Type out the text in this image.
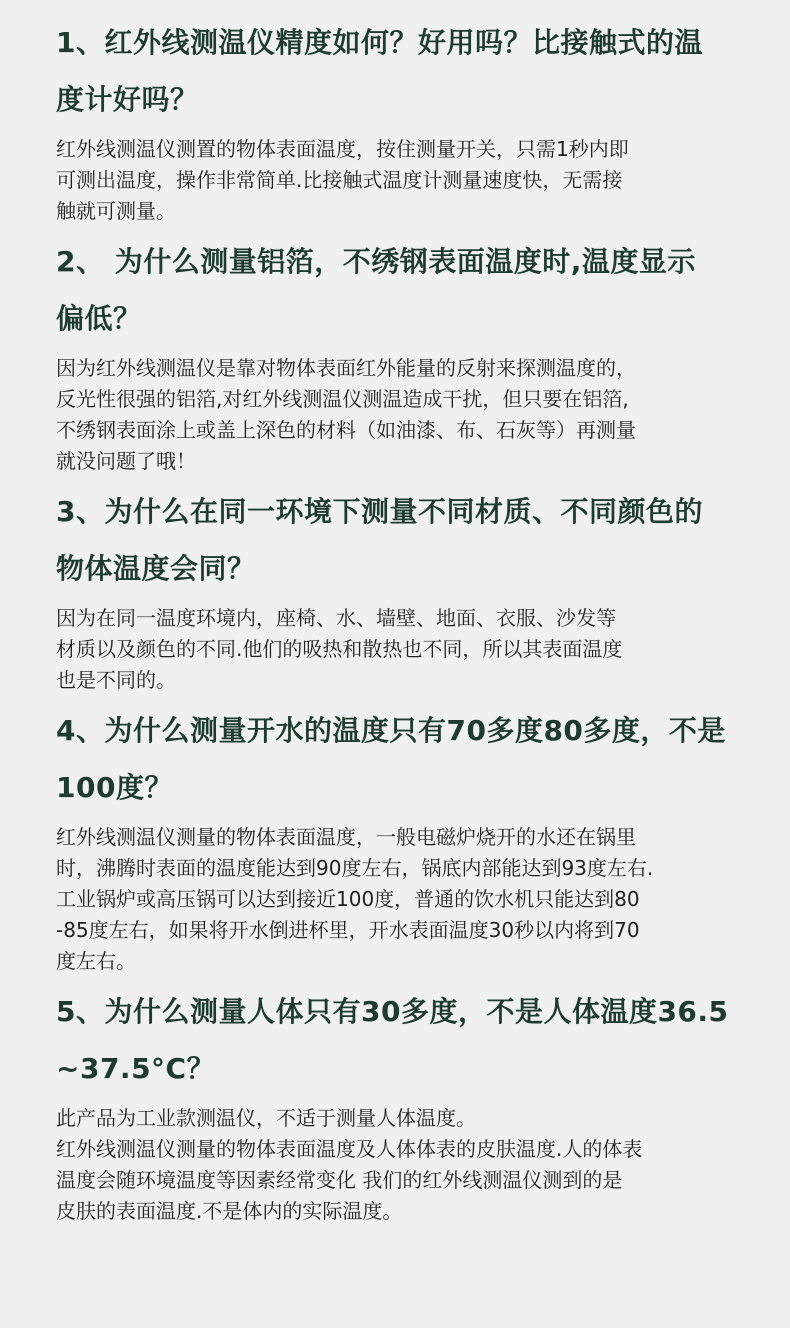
1、红外线测温仪精度如何？好用吗？比接触式的温
度计好吗？

红外线测温仪测置的物体表面温度，按住测量开关，只需1秒内即

可测出温度，操作非常简单.比接触式温度计测量速度快，无需接

触就可测量。

2、 为什么测量铝箔，不绣钢表面温度时,温度显示
偏低？

因为红外线测温仪是靠对物体表面红外能量的反射来探测温度的，

反光性很强的铝箔,对红外线测温仪测温造成干扰，但只要在铝箔,

不绣钢表面涂上或盖上深色的材料（如油漆、布、石灰等）再测量

就没问题了哦！

3、为什么在同一环境下测量不同材质、不同颜色的
物体温度会同？

因为在同一温度环境内，座椅、水、墙壁、地面、衣服、沙发等

材质以及颜色的不同.他们的吸热和散热也不同，所以其表面温度

也是不同的。

4、为什么测量开水的温度只有70多度80多度，不是
100度？

红外线测温仪测量的物体表面温度，一般电磁炉烧开的水还在锅里

时，沸腾时表面的温度能达到90度左右，锅底内部能达到93度左右.

工业锅炉或高压锅可以达到接近100度，普通的饮水机只能达到80

-85度左右，如果将开水倒进杯里，开水表面温度30秒以内将到70

度左右。

5、为什么测量人体只有30多度，不是人体温度36.5
~37.5°C？

此产品为工业款测温仪，不适于测量人体温度。

红外线测温仪测量的物体表面温度及人体体表的皮肤温度.人的体表

温度会随环境温度等因素经常变化 我们的红外线测温仪测到的是

皮肤的表面温度.不是体内的实际温度。
